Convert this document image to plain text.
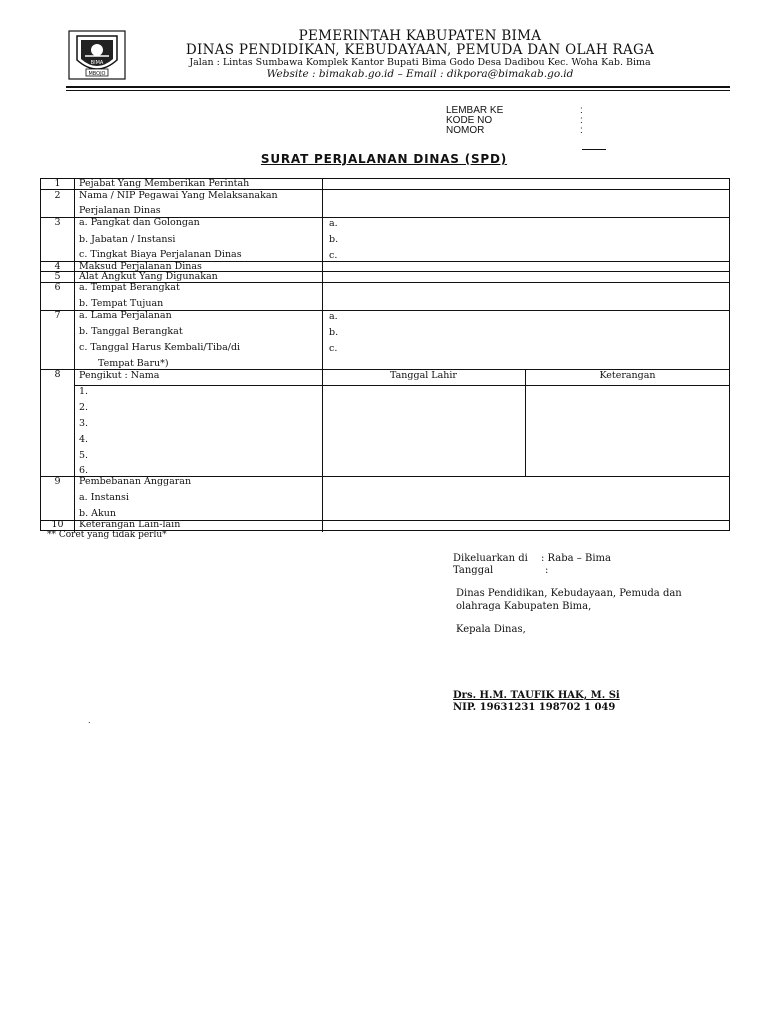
BIMA
MBOJO
PEMERINTAH KABUPATEN BIMA
DINAS PENDIDIKAN, KEBUDAYAAN, PEMUDA DAN OLAH RAGA
Jalan : Lintas Sumbawa Komplek Kantor Bupati Bima Godo Desa Dadibou Kec. Woha Kab. Bima
Website : bimakab.go.id – Email : dikpora@bimakab.go.id
LEMBAR KE	:
KODE NO	:
NOMOR	:
SURAT PERJALANAN DINAS (SPD)
1	Pejabat Yang Memberikan Perintah
2	Nama / NIP Pegawai Yang Melaksanakan
Perjalanan Dinas
3	a. Pangkat dan Golongan
b. Jabatan / Instansi
c. Tingkat Biaya Perjalanan Dinas
a.
b.
c.
4	Maksud Perjalanan Dinas
5	Alat Angkut Yang Digunakan
6	a. Tempat Berangkat
b. Tempat Tujuan
7	a. Lama Perjalanan
b. Tanggal Berangkat
c. Tanggal Harus Kembali/Tiba/di
Tempat Baru*)
a.
b.
c.
8	Pengikut : Nama	Tanggal Lahir	Keterangan
1.
2.
3.
4.
5.
6.
9	Pembebanan Anggaran
a. Instansi
b. Akun
10	Keterangan Lain-lain
** Coret yang tidak perlu*
Dikeluarkan di : Raba – Bima
Tanggal	:
Dinas Pendidikan, Kebudayaan, Pemuda dan
olahraga Kabupaten Bima,
Kepala Dinas,
Drs. H.M. TAUFIK HAK, M. Si
NIP. 19631231 198702 1 049
.
